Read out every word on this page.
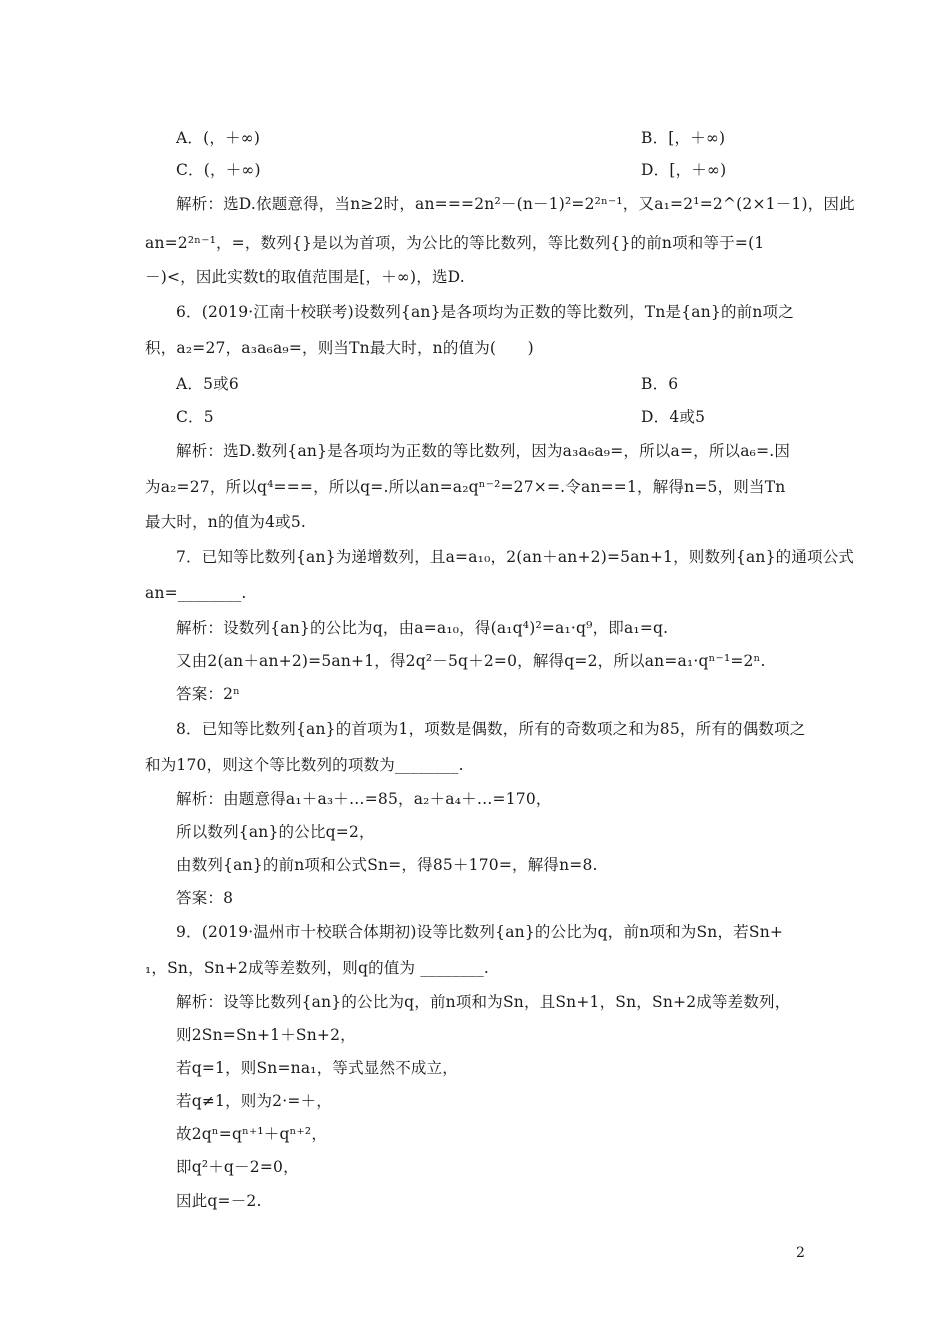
A．(，＋∞)	B．[，＋∞)
C．(，＋∞)	D．[，＋∞)
解析：选D.依题意得，当n≥2时，an===2n²－(n－1)²=2²ⁿ⁻¹，又a₁=2¹=2^(2×1－1)，因此
an=2²ⁿ⁻¹，=，数列{}是以为首项，为公比的等比数列，等比数列{}的前n项和等于=(1
－)<，因此实数t的取值范围是[，＋∞)，选D.
6．(2019·江南十校联考)设数列{an}是各项均为正数的等比数列，Tn是{an}的前n项之
积，a₂=27，a₃a₆a₉=，则当Tn最大时，n的值为(　　)
A．5或6	B．6
C．5	D．4或5
解析：选D.数列{an}是各项均为正数的等比数列，因为a₃a₆a₉=，所以a=，所以a₆=.因
为a₂=27，所以q⁴===，所以q=.所以an=a₂qⁿ⁻²=27×=.令an==1，解得n=5，则当Tn
最大时，n的值为4或5.
7．已知等比数列{an}为递增数列，且a=a₁₀，2(an＋an+2)=5an+1，则数列{an}的通项公式
an=________.
解析：设数列{an}的公比为q，由a=a₁₀，得(a₁q⁴)²=a₁·q⁹，即a₁=q.
又由2(an＋an+2)=5an+1，得2q²－5q＋2=0，解得q=2，所以an=a₁·qⁿ⁻¹=2ⁿ.
答案：2ⁿ
8．已知等比数列{an}的首项为1，项数是偶数，所有的奇数项之和为85，所有的偶数项之
和为170，则这个等比数列的项数为________.
解析：由题意得a₁＋a₃＋…=85，a₂＋a₄＋…=170，
所以数列{an}的公比q=2，
由数列{an}的前n项和公式Sn=，得85＋170=，解得n=8.
答案：8
9．(2019·温州市十校联合体期初)设等比数列{an}的公比为q，前n项和为Sn，若Sn+
₁，Sn，Sn+2成等差数列，则q的值为 ________.
解析：设等比数列{an}的公比为q，前n项和为Sn，且Sn+1，Sn，Sn+2成等差数列，
则2Sn=Sn+1＋Sn+2，
若q=1，则Sn=na₁，等式显然不成立，
若q≠1，则为2·=＋，
故2qⁿ=qⁿ⁺¹＋qⁿ⁺²，
即q²＋q－2=0，
因此q=－2.
2
